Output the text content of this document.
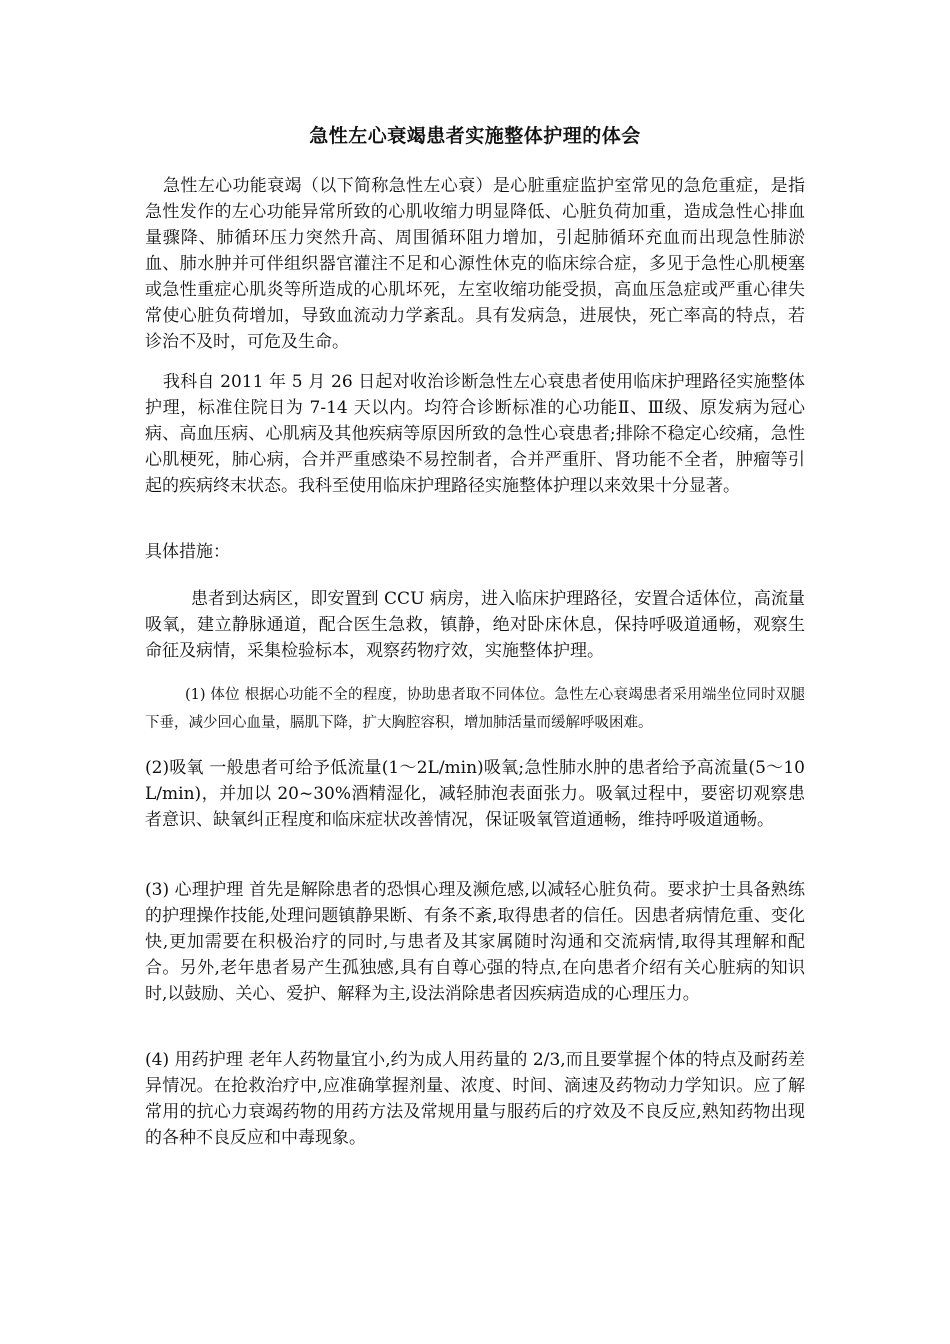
急性左心衰竭患者实施整体护理的体会

急性左心功能衰竭（以下简称急性左心衰）是心脏重症监护室常见的急危重症，是指急性发作的左心功能异常所致的心肌收缩力明显降低、心脏负荷加重，造成急性心排血量骤降、肺循环压力突然升高、周围循环阻力增加，引起肺循环充血而出现急性肺淤血、肺水肿并可伴组织器官灌注不足和心源性休克的临床综合症，多见于急性心肌梗塞或急性重症心肌炎等所造成的心肌坏死，左室收缩功能受损，高血压急症或严重心律失常使心脏负荷增加，导致血流动力学紊乱。具有发病急，进展快，死亡率高的特点，若诊治不及时，可危及生命。

我科自 2011 年 5 月 26 日起对收治诊断急性左心衰患者使用临床护理路径实施整体护理，标准住院日为 7-14 天以内。均符合诊断标准的心功能Ⅱ、Ⅲ级、原发病为冠心病、高血压病、心肌病及其他疾病等原因所致的急性心衰患者;排除不稳定心绞痛，急性心肌梗死，肺心病，合并严重感染不易控制者，合并严重肝、肾功能不全者，肿瘤等引起的疾病终末状态。我科至使用临床护理路径实施整体护理以来效果十分显著。

具体措施：

患者到达病区，即安置到 CCU 病房，进入临床护理路径，安置合适体位，高流量吸氧，建立静脉通道，配合医生急救，镇静，绝对卧床休息，保持呼吸道通畅，观察生命征及病情，采集检验标本，观察药物疗效，实施整体护理。

(1) 体位 根据心功能不全的程度，协助患者取不同体位。急性左心衰竭患者采用端坐位同时双腿下垂，减少回心血量，膈肌下降，扩大胸腔容积，增加肺活量而缓解呼吸困难。

(2)吸氧 一般患者可给予低流量(1～2L/min)吸氧;急性肺水肿的患者给予高流量(5～10L/min)，并加以 20~30%酒精湿化，减轻肺泡表面张力。吸氧过程中，要密切观察患者意识、缺氧纠正程度和临床症状改善情况，保证吸氧管道通畅，维持呼吸道通畅。

(3) 心理护理 首先是解除患者的恐惧心理及濒危感,以减轻心脏负荷。要求护士具备熟练的护理操作技能,处理问题镇静果断、有条不紊,取得患者的信任。因患者病情危重、变化快,更加需要在积极治疗的同时,与患者及其家属随时沟通和交流病情,取得其理解和配合。另外,老年患者易产生孤独感,具有自尊心强的特点,在向患者介绍有关心脏病的知识时,以鼓励、关心、爱护、解释为主,设法消除患者因疾病造成的心理压力。

(4) 用药护理 老年人药物量宜小,约为成人用药量的 2/3,而且要掌握个体的特点及耐药差异情况。在抢救治疗中,应准确掌握剂量、浓度、时间、滴速及药物动力学知识。应了解常用的抗心力衰竭药物的用药方法及常规用量与服药后的疗效及不良反应,熟知药物出现的各种不良反应和中毒现象。
